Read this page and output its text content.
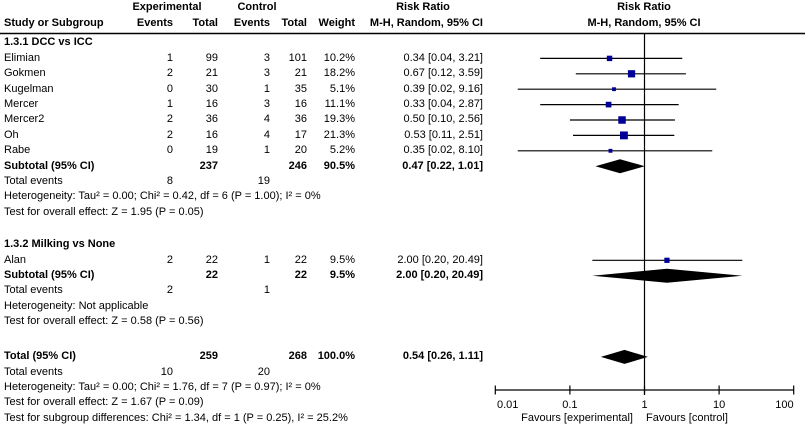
Experimental	Control	Risk Ratio
Study or Subgroup	Events Total Events Total Weight M-H, Random, 95% CI
Risk Ratio
M-H, Random, 95% CI
1.3.1 DCC vs ICC
Elimian	1	99	3 101 10.2%	0.34 [0.04, 3.21]
Gokmen	2	21	3 21 18.2%	0.67 [0.12, 3.59]
Kugelman	0	30	1 35 5.1%	0.39 [0.02, 9.16]
Mercer	1	16	3 16 11.1%	0.33 [0.04, 2.87]
Mercer2	2	36	4 36 19.3%	0.50 [0.10, 2.56]
Oh	2	16	4 17 21.3%	0.53 [0.11, 2.51]
Rabe	0	19	1 20 5.2%	0.35 [0.02, 8.10]
Subtotal (95% CI)	237	246 90.5%	0.47 [0.22, 1.01]
Total events	8	19
Heterogeneity: Tau² = 0.00; Chi² = 0.42, df = 6 (P = 1.00); I² = 0%
Test for overall effect: Z = 1.95 (P = 0.05)
1.3.2 Milking vs None
Alan	2	22	1 22 9.5%	2.00 [0.20, 20.49]
Subtotal (95% CI)	22	22 9.5%	2.00 [0.20, 20.49]
Total events	2	1
Heterogeneity: Not applicable
Test for overall effect: Z = 0.58 (P = 0.56)
Total (95% CI)	259	268 100.0%	0.54 [0.26, 1.11]
Total events	10	20
Heterogeneity: Tau² = 0.00; Chi² = 1.76, df = 7 (P = 0.97); I² = 0%
Test for overall effect: Z = 1.67 (P = 0.09)
Test for subgroup differences: Chi² = 1.34, df = 1 (P = 0.25), I² = 25.2%
0.01	0.1	1	10	100
Favours [experimental] Favours [control]
